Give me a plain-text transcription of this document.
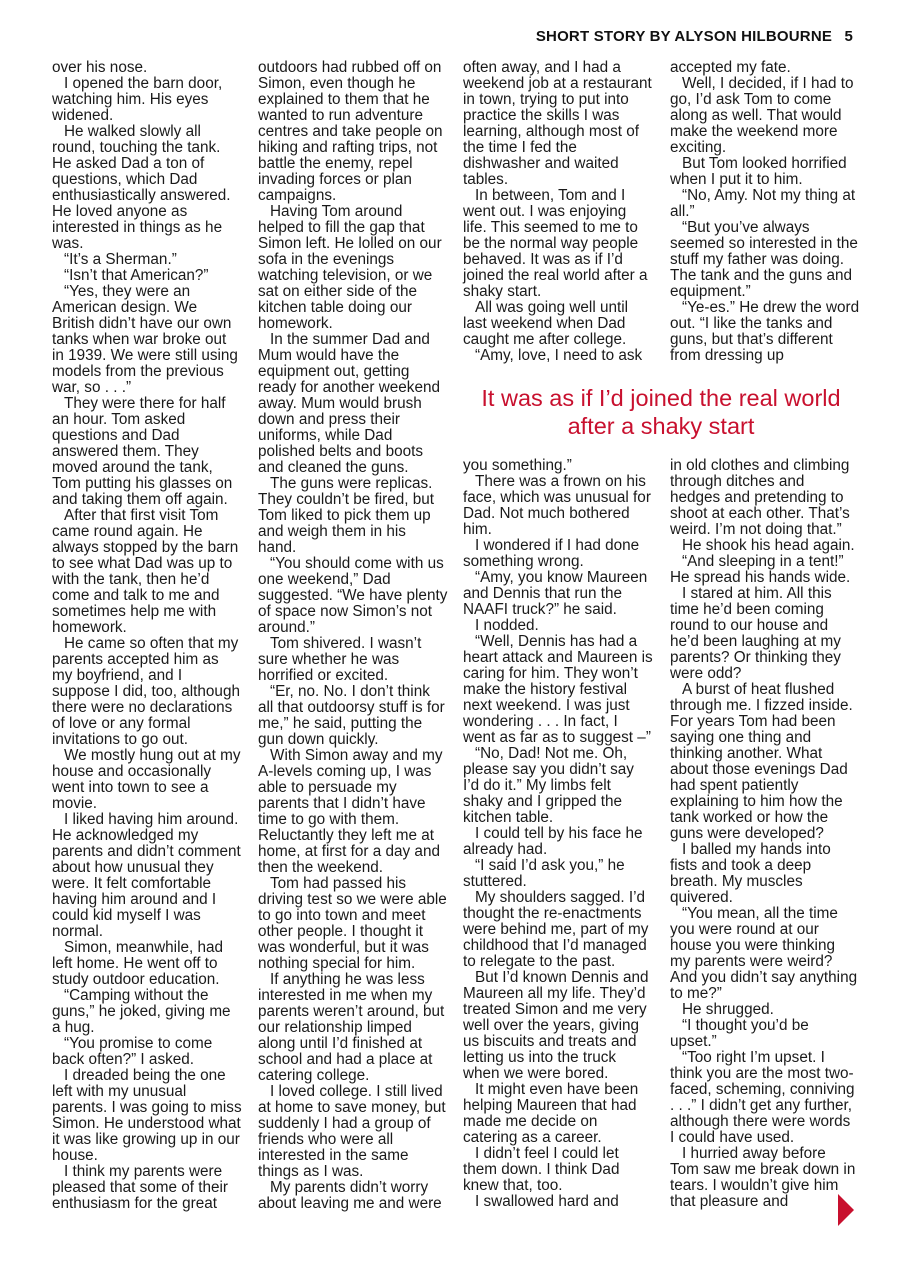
SHORT STORY BY ALYSON HILBOURNE 5

over his nose.

I opened the barn door, watching him. His eyes widened.

He walked slowly all round, touching the tank. He asked Dad a ton of questions, which Dad enthusiastically answered. He loved anyone as interested in things as he was.

“It’s a Sherman.”

“Isn’t that American?”

“Yes, they were an American design. We British didn’t have our own tanks when war broke out in 1939. We were still using models from the previous war, so . . .”

They were there for half an hour. Tom asked questions and Dad answered them. They moved around the tank, Tom putting his glasses on and taking them off again.

After that first visit Tom came round again. He always stopped by the barn to see what Dad was up to with the tank, then he’d come and talk to me and sometimes help me with homework.

He came so often that my parents accepted him as my boyfriend, and I suppose I did, too, although there were no declarations of love or any formal invitations to go out.

We mostly hung out at my house and occasionally went into town to see a movie.

I liked having him around. He acknowledged my parents and didn’t comment about how unusual they were. It felt comfortable having him around and I could kid myself I was normal.

Simon, meanwhile, had left home. He went off to study outdoor education.

“Camping without the guns,” he joked, giving me a hug.

“You promise to come back often?” I asked.

I dreaded being the one left with my unusual parents. I was going to miss Simon. He understood what it was like growing up in our house.

I think my parents were pleased that some of their enthusiasm for the great

outdoors had rubbed off on Simon, even though he explained to them that he wanted to run adventure centres and take people on hiking and rafting trips, not battle the enemy, repel invading forces or plan campaigns.

Having Tom around helped to fill the gap that Simon left. He lolled on our sofa in the evenings watching television, or we sat on either side of the kitchen table doing our homework.

In the summer Dad and Mum would have the equipment out, getting ready for another weekend away. Mum would brush down and press their uniforms, while Dad polished belts and boots and cleaned the guns.

The guns were replicas. They couldn’t be fired, but Tom liked to pick them up and weigh them in his hand.

“You should come with us one weekend,” Dad suggested. “We have plenty of space now Simon’s not around.”

Tom shivered. I wasn’t sure whether he was horrified or excited.

“Er, no. No. I don’t think all that outdoorsy stuff is for me,” he said, putting the gun down quickly.

With Simon away and my A-levels coming up, I was able to persuade my parents that I didn’t have time to go with them. Reluctantly they left me at home, at first for a day and then the weekend.

Tom had passed his driving test so we were able to go into town and meet other people. I thought it was wonderful, but it was nothing special for him.

If anything he was less interested in me when my parents weren’t around, but our relationship limped along until I’d finished at school and had a place at catering college.

I loved college. I still lived at home to save money, but suddenly I had a group of friends who were all interested in the same things as I was.

My parents didn’t worry about leaving me and were

often away, and I had a weekend job at a restaurant in town, trying to put into practice the skills I was learning, although most of the time I fed the dishwasher and waited tables.

In between, Tom and I went out. I was enjoying life. This seemed to me to be the normal way people behaved. It was as if I’d joined the real world after a shaky start.

All was going well until last weekend when Dad caught me after college.

“Amy, love, I need to ask

accepted my fate.

Well, I decided, if I had to go, I’d ask Tom to come along as well. That would make the weekend more exciting.

But Tom looked horrified when I put it to him.

“No, Amy. Not my thing at all.”

“But you’ve always seemed so interested in the stuff my father was doing. The tank and the guns and equipment.”

“Ye-es.” He drew the word out. “I like the tanks and guns, but that’s different from dressing up

It was as if I’d joined the real world after a shaky start

you something.”

There was a frown on his face, which was unusual for Dad. Not much bothered him.

I wondered if I had done something wrong.

“Amy, you know Maureen and Dennis that run the NAAFI truck?” he said.

I nodded.

“Well, Dennis has had a heart attack and Maureen is caring for him. They won’t make the history festival next weekend. I was just wondering . . . In fact, I went as far as to suggest –”

“No, Dad! Not me. Oh, please say you didn’t say I’d do it.” My limbs felt shaky and I gripped the kitchen table.

I could tell by his face he already had.

“I said I’d ask you,” he stuttered.

My shoulders sagged. I’d thought the re-enactments were behind me, part of my childhood that I’d managed to relegate to the past.

But I’d known Dennis and Maureen all my life. They’d treated Simon and me very well over the years, giving us biscuits and treats and letting us into the truck when we were bored.

It might even have been helping Maureen that had made me decide on catering as a career.

I didn’t feel I could let them down. I think Dad knew that, too.

I swallowed hard and

in old clothes and climbing through ditches and hedges and pretending to shoot at each other. That’s weird. I’m not doing that.”

He shook his head again.

“And sleeping in a tent!” He spread his hands wide.

I stared at him. All this time he’d been coming round to our house and he’d been laughing at my parents? Or thinking they were odd?

A burst of heat flushed through me. I fizzed inside. For years Tom had been saying one thing and thinking another. What about those evenings Dad had spent patiently explaining to him how the tank worked or how the guns were developed?

I balled my hands into fists and took a deep breath. My muscles quivered.

“You mean, all the time you were round at our house you were thinking my parents were weird? And you didn’t say anything to me?”

He shrugged.

“I thought you’d be upset.”

“Too right I’m upset. I think you are the most two-faced, scheming, conniving . . .” I didn’t get any further, although there were words I could have used.

I hurried away before Tom saw me break down in tears. I wouldn’t give him that pleasure and
